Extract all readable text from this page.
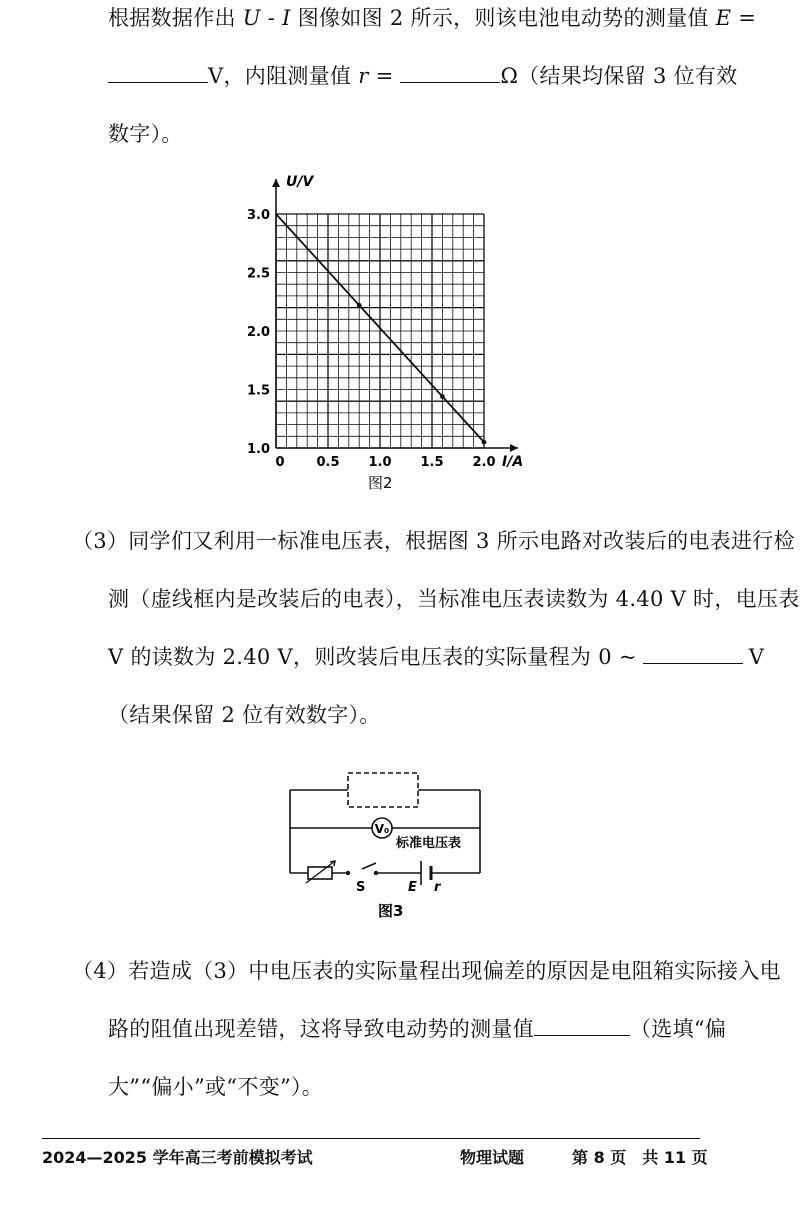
根据数据作出 U - I 图像如图 2 所示，则该电池电动势的测量值 E =
V，内阻测量值 r =	Ω（结果均保留 3 位有效
数字）。
0 0.5 1.0 1.5 2.0
1.0
1.5
2.0
2.5
3.0
I/A
U/V
图2
（3）同学们又利用一标准电压表，根据图 3 所示电路对改装后的电表进行检
测（虚线框内是改装后的电表），当标准电压表读数为 4.40 V 时，电压表
V 的读数为 2.40 V，则改装后电压表的实际量程为 0 ~	V
（结果保留 2 位有效数字）。
V₀
标准电压表
S	E r
图3
（4）若造成（3）中电压表的实际量程出现偏差的原因是电阻箱实际接入电
路的阻值出现差错，这将导致电动势的测量值	（选填“偏
大”“偏小”或“不变”）。
2024—2025 学年高三考前模拟考试	物理试题	第 8 页　共 11 页
